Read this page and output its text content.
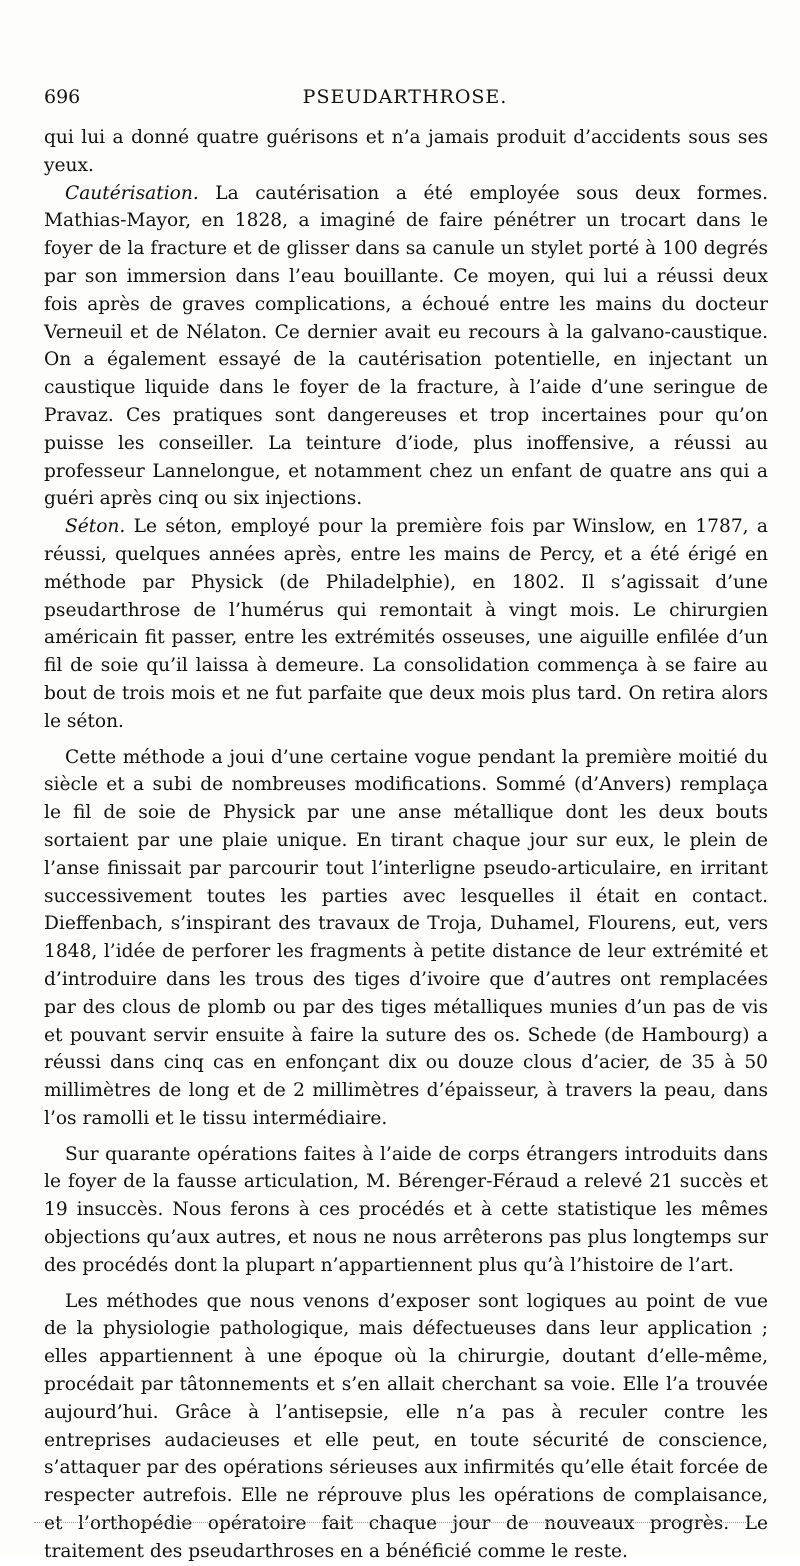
696	PSEUDARTHROSE.

qui lui a donné quatre guérisons et n’a jamais produit d’accidents sous ses yeux.

Cautérisation. La cautérisation a été employée sous deux formes. Mathias-Mayor, en 1828, a imaginé de faire pénétrer un trocart dans le foyer de la fracture et de glisser dans sa canule un stylet porté à 100 degrés par son immersion dans l’eau bouillante. Ce moyen, qui lui a réussi deux fois après de graves complications, a échoué entre les mains du docteur Verneuil et de Nélaton. Ce dernier avait eu recours à la galvano-caustique. On a également essayé de la cautérisation potentielle, en injectant un caustique liquide dans le foyer de la fracture, à l’aide d’une seringue de Pravaz. Ces pratiques sont dangereuses et trop incertaines pour qu’on puisse les conseiller. La teinture d’iode, plus inoffensive, a réussi au professeur Lannelongue, et notamment chez un enfant de quatre ans qui a guéri après cinq ou six injections.

Séton. Le séton, employé pour la première fois par Winslow, en 1787, a réussi, quelques années après, entre les mains de Percy, et a été érigé en méthode par Physick (de Philadelphie), en 1802. Il s’agissait d’une pseudarthrose de l’humérus qui remontait à vingt mois. Le chirurgien américain fit passer, entre les extrémités osseuses, une aiguille enfilée d’un fil de soie qu’il laissa à demeure. La consolidation commença à se faire au bout de trois mois et ne fut parfaite que deux mois plus tard. On retira alors le séton.

Cette méthode a joui d’une certaine vogue pendant la première moitié du siècle et a subi de nombreuses modifications. Sommé (d’Anvers) remplaça le fil de soie de Physick par une anse métallique dont les deux bouts sortaient par une plaie unique. En tirant chaque jour sur eux, le plein de l’anse finissait par parcourir tout l’interligne pseudo-articulaire, en irritant successivement toutes les parties avec lesquelles il était en contact. Dieffenbach, s’inspirant des travaux de Troja, Duhamel, Flourens, eut, vers 1848, l’idée de perforer les fragments à petite distance de leur extrémité et d’introduire dans les trous des tiges d’ivoire que d’autres ont remplacées par des clous de plomb ou par des tiges métalliques munies d’un pas de vis et pouvant servir ensuite à faire la suture des os. Schede (de Hambourg) a réussi dans cinq cas en enfonçant dix ou douze clous d’acier, de 35 à 50 millimètres de long et de 2 millimètres d’épaisseur, à travers la peau, dans l’os ramolli et le tissu intermédiaire.

Sur quarante opérations faites à l’aide de corps étrangers introduits dans le foyer de la fausse articulation, M. Bérenger-Féraud a relevé 21 succès et 19 insuccès. Nous ferons à ces procédés et à cette statistique les mêmes objections qu’aux autres, et nous ne nous arrêterons pas plus longtemps sur des procédés dont la plupart n’appartiennent plus qu’à l’histoire de l’art.

Les méthodes que nous venons d’exposer sont logiques au point de vue de la physiologie pathologique, mais défectueuses dans leur application ; elles appartiennent à une époque où la chirurgie, doutant d’elle-même, procédait par tâtonnements et s’en allait cherchant sa voie. Elle l’a trouvée aujourd’hui. Grâce à l’antisepsie, elle n’a pas à reculer contre les entreprises audacieuses et elle peut, en toute sécurité de conscience, s’attaquer par des opérations sérieuses aux infirmités qu’elle était forcée de respecter autrefois. Elle ne réprouve plus les opérations de complaisance, et l’orthopédie opératoire fait chaque jour de nouveaux progrès. Le traitement des pseudarthroses en a bénéficié comme le reste.
